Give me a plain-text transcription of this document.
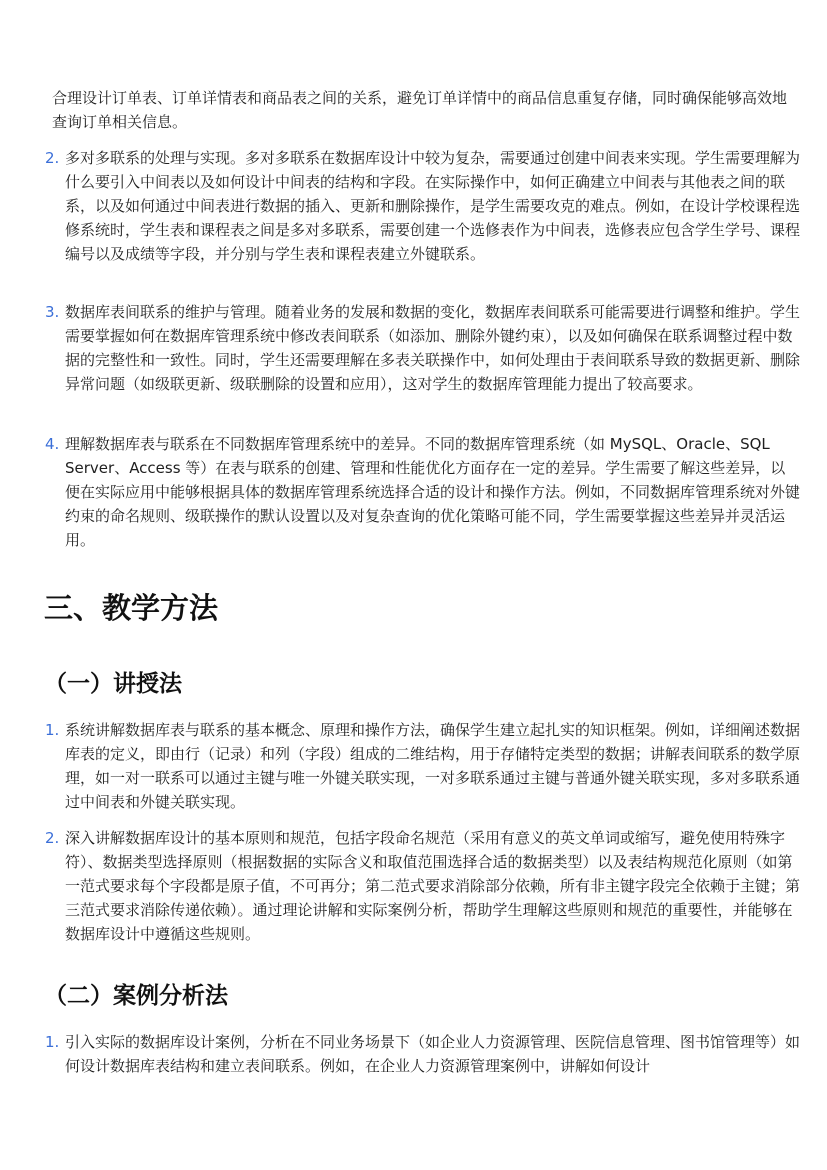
合理设计订单表、订单详情表和商品表之间的关系，避免订单详情中的商品信息重复存储，同时确保能够高效地查询订单相关信息。

2. 多对多联系的处理与实现。多对多联系在数据库设计中较为复杂，需要通过创建中间表来实现。学生需要理解为什么要引入中间表以及如何设计中间表的结构和字段。在实际操作中，如何正确建立中间表与其他表之间的联系，以及如何通过中间表进行数据的插入、更新和删除操作，是学生需要攻克的难点。例如，在设计学校课程选修系统时，学生表和课程表之间是多对多联系，需要创建一个选修表作为中间表，选修表应包含学生学号、课程编号以及成绩等字段，并分别与学生表和课程表建立外键联系。
3. 数据库表间联系的维护与管理。随着业务的发展和数据的变化，数据库表间联系可能需要进行调整和维护。学生需要掌握如何在数据库管理系统中修改表间联系（如添加、删除外键约束），以及如何确保在联系调整过程中数据的完整性和一致性。同时，学生还需要理解在多表关联操作中，如何处理由于表间联系导致的数据更新、删除异常问题（如级联更新、级联删除的设置和应用），这对学生的数据库管理能力提出了较高要求。
4. 理解数据库表与联系在不同数据库管理系统中的差异。不同的数据库管理系统（如 MySQL、Oracle、SQL Server、Access 等）在表与联系的创建、管理和性能优化方面存在一定的差异。学生需要了解这些差异，以便在实际应用中能够根据具体的数据库管理系统选择合适的设计和操作方法。例如，不同数据库管理系统对外键约束的命名规则、级联操作的默认设置以及对复杂查询的优化策略可能不同，学生需要掌握这些差异并灵活运用。
三、教学方法
（一）讲授法
1. 系统讲解数据库表与联系的基本概念、原理和操作方法，确保学生建立起扎实的知识框架。例如，详细阐述数据库表的定义，即由行（记录）和列（字段）组成的二维结构，用于存储特定类型的数据；讲解表间联系的数学原理，如一对一联系可以通过主键与唯一外键关联实现，一对多联系通过主键与普通外键关联实现，多对多联系通过中间表和外键关联实现。
2. 深入讲解数据库设计的基本原则和规范，包括字段命名规范（采用有意义的英文单词或缩写，避免使用特殊字符）、数据类型选择原则（根据数据的实际含义和取值范围选择合适的数据类型）以及表结构规范化原则（如第一范式要求每个字段都是原子值，不可再分；第二范式要求消除部分依赖，所有非主键字段完全依赖于主键；第三范式要求消除传递依赖）。通过理论讲解和实际案例分析，帮助学生理解这些原则和规范的重要性，并能够在数据库设计中遵循这些规则。
（二）案例分析法
1. 引入实际的数据库设计案例，分析在不同业务场景下（如企业人力资源管理、医院信息管理、图书馆管理等）如何设计数据库表结构和建立表间联系。例如，在企业人力资源管理案例中，讲解如何设计
